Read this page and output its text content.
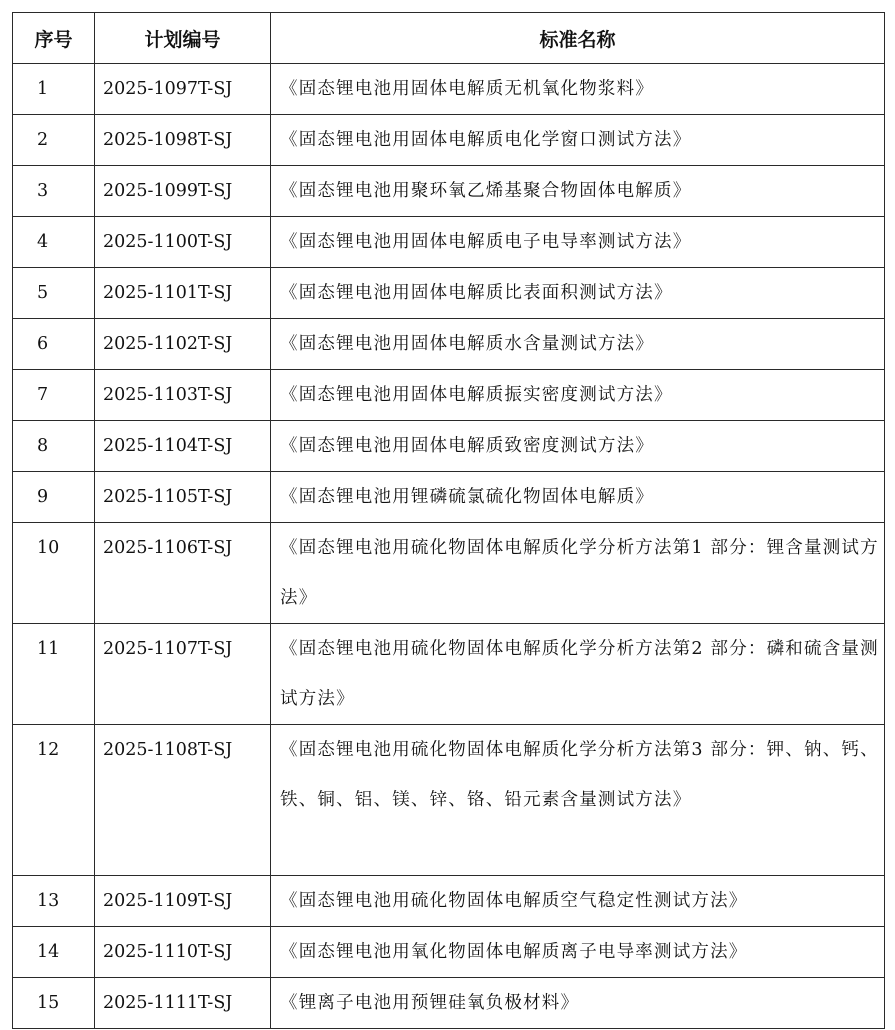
序号	计划编号	标准名称
1	2025-1097T-SJ	《固态锂电池用固体电解质无机氧化物浆料》
2	2025-1098T-SJ	《固态锂电池用固体电解质电化学窗口测试方法》
3	2025-1099T-SJ	《固态锂电池用聚环氧乙烯基聚合物固体电解质》
4	2025-1100T-SJ	《固态锂电池用固体电解质电子电导率测试方法》
5	2025-1101T-SJ	《固态锂电池用固体电解质比表面积测试方法》
6	2025-1102T-SJ	《固态锂电池用固体电解质水含量测试方法》
7	2025-1103T-SJ	《固态锂电池用固体电解质振实密度测试方法》
8	2025-1104T-SJ	《固态锂电池用固体电解质致密度测试方法》
9	2025-1105T-SJ	《固态锂电池用锂磷硫氯硫化物固体电解质》
10	2025-1106T-SJ	《固态锂电池用硫化物固体电解质化学分析方法第1 部分：锂含量测试方法》
11	2025-1107T-SJ	《固态锂电池用硫化物固体电解质化学分析方法第2 部分：磷和硫含量测试方法》
12	2025-1108T-SJ	《固态锂电池用硫化物固体电解质化学分析方法第3 部分：钾、钠、钙、铁、铜、铝、镁、锌、铬、铅元素含量测试方法》
13	2025-1109T-SJ	《固态锂电池用硫化物固体电解质空气稳定性测试方法》
14	2025-1110T-SJ	《固态锂电池用氧化物固体电解质离子电导率测试方法》
15	2025-1111T-SJ	《锂离子电池用预锂硅氧负极材料》
